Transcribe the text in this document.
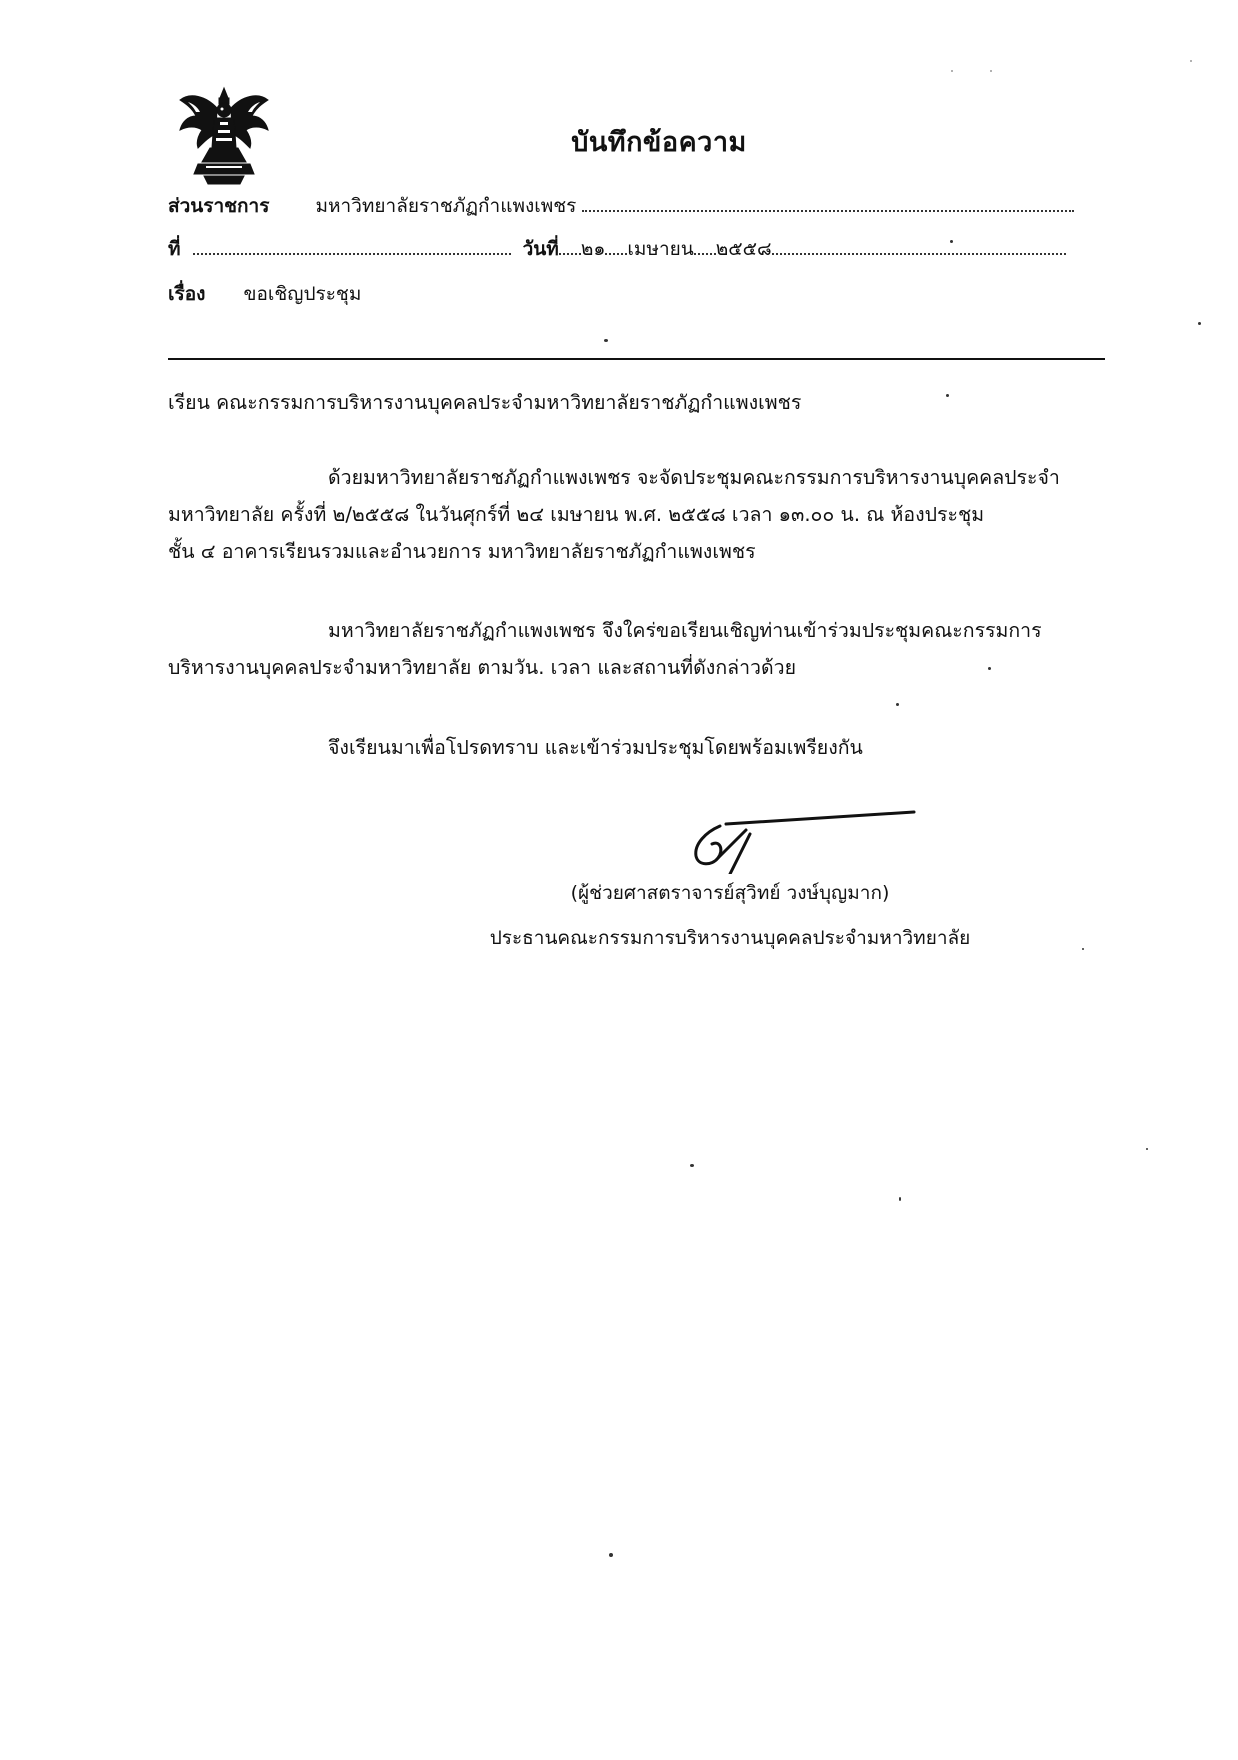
บันทึกข้อความ
ส่วนราชการ มหาวิทยาลัยราชภัฏกำแพงเพชร
ที่	วันที่ ๒๑ เมษายน ๒๕๕๘
เรื่อง ขอเชิญประชุม
เรียน คณะกรรมการบริหารงานบุคคลประจำมหาวิทยาลัยราชภัฏกำแพงเพชร
ด้วยมหาวิทยาลัยราชภัฏกำแพงเพชร จะจัดประชุมคณะกรรมการบริหารงานบุคคลประจำ
มหาวิทยาลัย ครั้งที่ ๒/๒๕๕๘ ในวันศุกร์ที่ ๒๔ เมษายน พ.ศ. ๒๕๕๘ เวลา ๑๓.๐๐ น. ณ ห้องประชุม
ชั้น ๔ อาคารเรียนรวมและอำนวยการ มหาวิทยาลัยราชภัฏกำแพงเพชร
มหาวิทยาลัยราชภัฏกำแพงเพชร จึงใคร่ขอเรียนเชิญท่านเข้าร่วมประชุมคณะกรรมการ
บริหารงานบุคคลประจำมหาวิทยาลัย ตามวัน. เวลา และสถานที่ดังกล่าวด้วย
จึงเรียนมาเพื่อโปรดทราบ และเข้าร่วมประชุมโดยพร้อมเพรียงกัน
(ผู้ช่วยศาสตราจารย์สุวิทย์ วงษ์บุญมาก)
ประธานคณะกรรมการบริหารงานบุคคลประจำมหาวิทยาลัย
